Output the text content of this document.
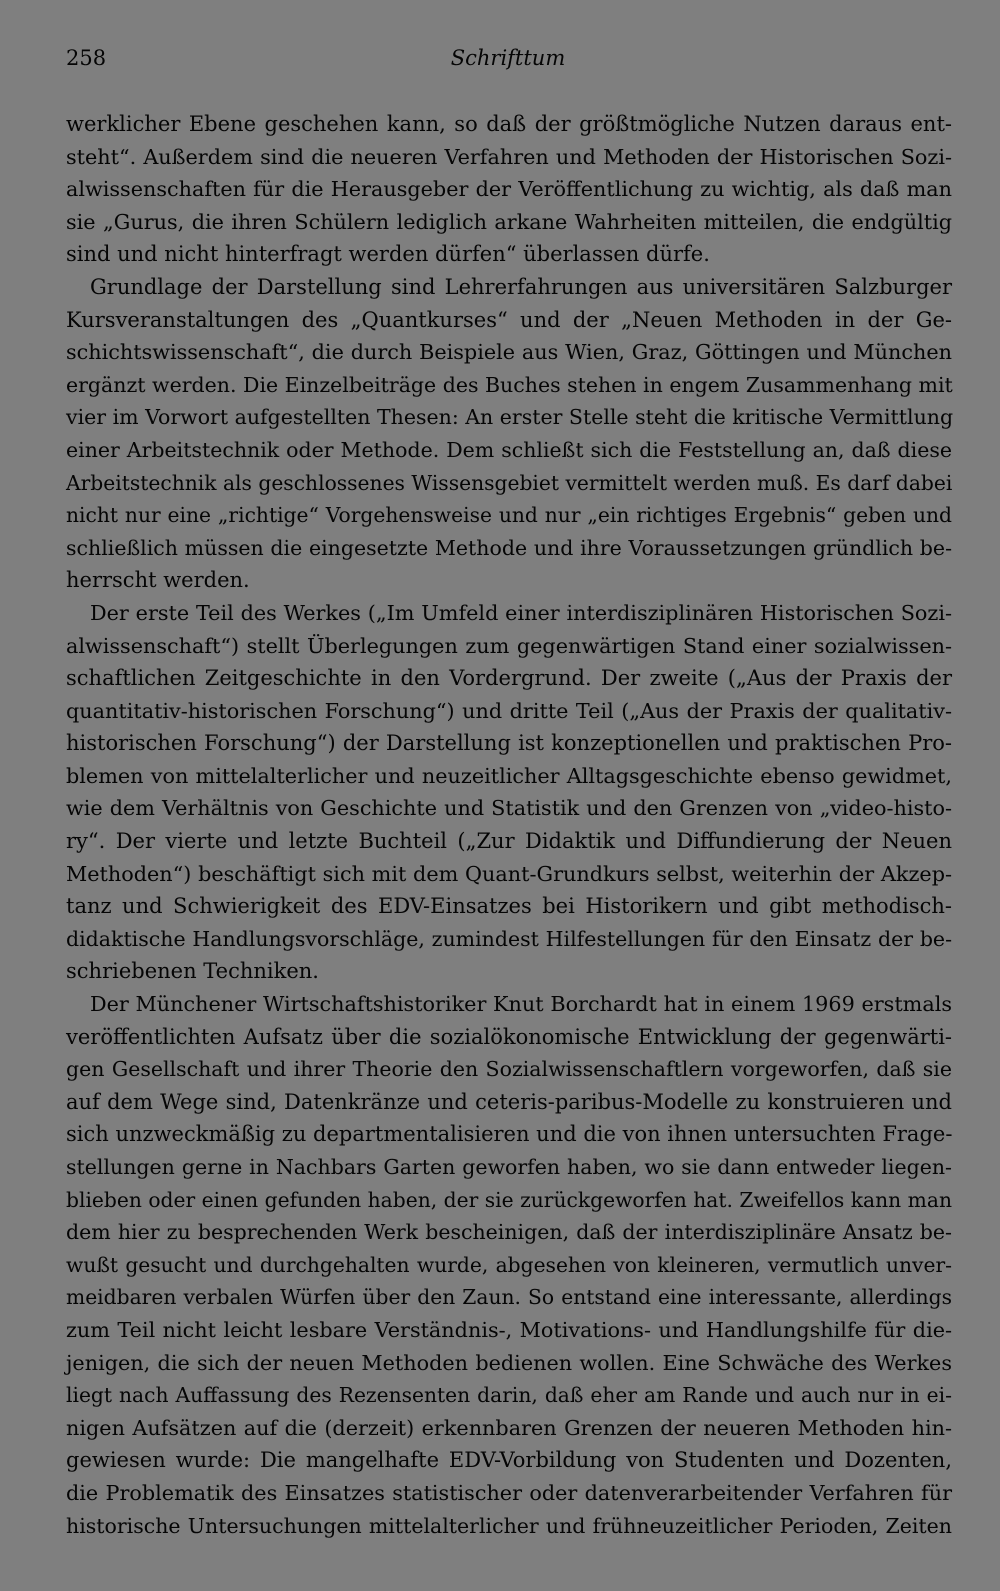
258	Schrifttum
werklicher Ebene geschehen kann, so daß der größtmögliche Nutzen daraus ent-
steht“. Außerdem sind die neueren Verfahren und Methoden der Historischen Sozi-
alwissenschaften für die Herausgeber der Veröffentlichung zu wichtig, als daß man
sie „Gurus, die ihren Schülern lediglich arkane Wahrheiten mitteilen, die endgültig
sind und nicht hinterfragt werden dürfen“ überlassen dürfe.
Grundlage der Darstellung sind Lehrerfahrungen aus universitären Salzburger
Kursveranstaltungen des „Quantkurses“ und der „Neuen Methoden in der Ge-
schichtswissenschaft“, die durch Beispiele aus Wien, Graz, Göttingen und München
ergänzt werden. Die Einzelbeiträge des Buches stehen in engem Zusammenhang mit
vier im Vorwort aufgestellten Thesen: An erster Stelle steht die kritische Vermittlung
einer Arbeitstechnik oder Methode. Dem schließt sich die Feststellung an, daß diese
Arbeitstechnik als geschlossenes Wissensgebiet vermittelt werden muß. Es darf dabei
nicht nur eine „richtige“ Vorgehensweise und nur „ein richtiges Ergebnis“ geben und
schließlich müssen die eingesetzte Methode und ihre Voraussetzungen gründlich be-
herrscht werden.
Der erste Teil des Werkes („Im Umfeld einer interdisziplinären Historischen Sozi-
alwissenschaft“) stellt Überlegungen zum gegenwärtigen Stand einer sozialwissen-
schaftlichen Zeitgeschichte in den Vordergrund. Der zweite („Aus der Praxis der
quantitativ-historischen Forschung“) und dritte Teil („Aus der Praxis der qualitativ-
historischen Forschung“) der Darstellung ist konzeptionellen und praktischen Pro-
blemen von mittelalterlicher und neuzeitlicher Alltagsgeschichte ebenso gewidmet,
wie dem Verhältnis von Geschichte und Statistik und den Grenzen von „video-histo-
ry“. Der vierte und letzte Buchteil („Zur Didaktik und Diffundierung der Neuen
Methoden“) beschäftigt sich mit dem Quant-Grundkurs selbst, weiterhin der Akzep-
tanz und Schwierigkeit des EDV-Einsatzes bei Historikern und gibt methodisch-
didaktische Handlungsvorschläge, zumindest Hilfestellungen für den Einsatz der be-
schriebenen Techniken.
Der Münchener Wirtschaftshistoriker Knut Borchardt hat in einem 1969 erstmals
veröffentlichten Aufsatz über die sozialökonomische Entwicklung der gegenwärti-
gen Gesellschaft und ihrer Theorie den Sozialwissenschaftlern vorgeworfen, daß sie
auf dem Wege sind, Datenkränze und ceteris-paribus-Modelle zu konstruieren und
sich unzweckmäßig zu departmentalisieren und die von ihnen untersuchten Frage-
stellungen gerne in Nachbars Garten geworfen haben, wo sie dann entweder liegen-
blieben oder einen gefunden haben, der sie zurückgeworfen hat. Zweifellos kann man
dem hier zu besprechenden Werk bescheinigen, daß der interdisziplinäre Ansatz be-
wußt gesucht und durchgehalten wurde, abgesehen von kleineren, vermutlich unver-
meidbaren verbalen Würfen über den Zaun. So entstand eine interessante, allerdings
zum Teil nicht leicht lesbare Verständnis-, Motivations- und Handlungshilfe für die-
jenigen, die sich der neuen Methoden bedienen wollen. Eine Schwäche des Werkes
liegt nach Auffassung des Rezensenten darin, daß eher am Rande und auch nur in ei-
nigen Aufsätzen auf die (derzeit) erkennbaren Grenzen der neueren Methoden hin-
gewiesen wurde: Die mangelhafte EDV-Vorbildung von Studenten und Dozenten,
die Problematik des Einsatzes statistischer oder datenverarbeitender Verfahren für
historische Untersuchungen mittelalterlicher und frühneuzeitlicher Perioden, Zeiten
